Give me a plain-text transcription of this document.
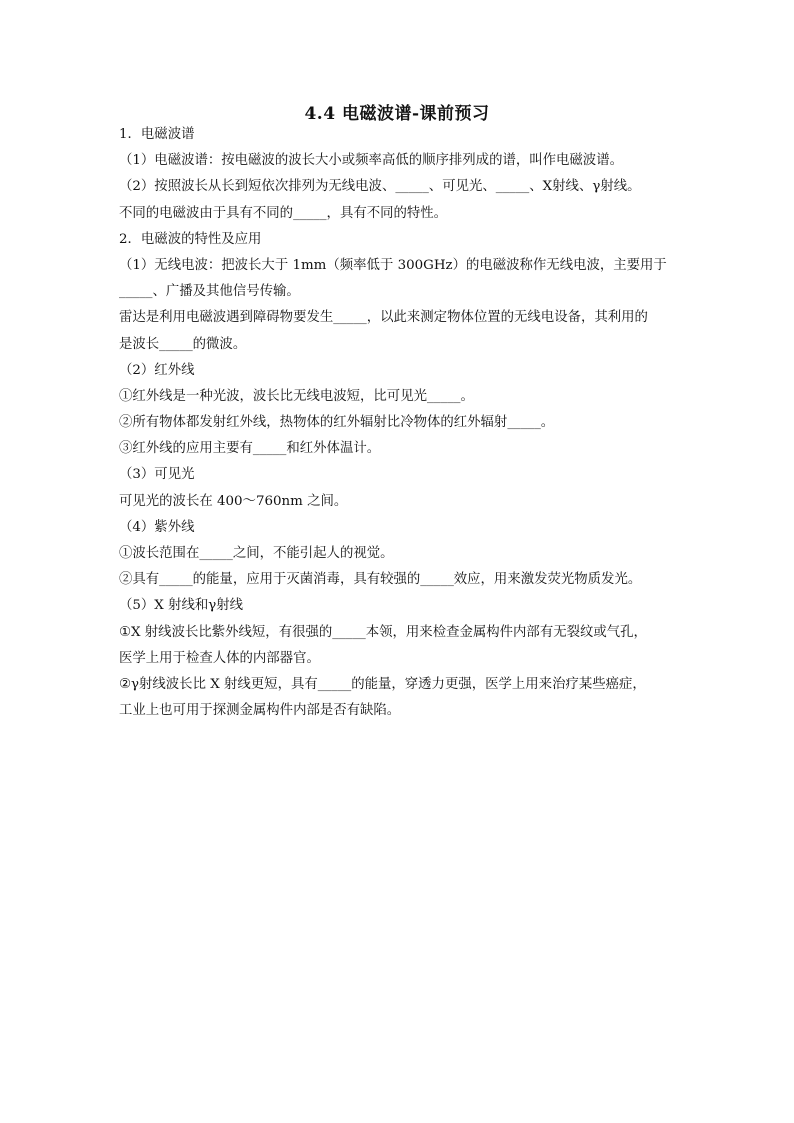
4.4 电磁波谱-课前预习
1．电磁波谱
（1）电磁波谱：按电磁波的波长大小或频率高低的顺序排列成的谱，叫作电磁波谱。
（2）按照波长从长到短依次排列为无线电波、_____、可见光、_____、X射线、γ射线。
不同的电磁波由于具有不同的_____，具有不同的特性。
2．电磁波的特性及应用
（1）无线电波：把波长大于 1mm（频率低于 300GHz）的电磁波称作无线电波，主要用于
_____、广播及其他信号传输。
雷达是利用电磁波遇到障碍物要发生_____，以此来测定物体位置的无线电设备，其利用的
是波长_____的微波。
（2）红外线
①红外线是一种光波，波长比无线电波短，比可见光_____。
②所有物体都发射红外线，热物体的红外辐射比冷物体的红外辐射_____。
③红外线的应用主要有_____和红外体温计。
（3）可见光
可见光的波长在 400～760nm 之间。
（4）紫外线
①波长范围在_____之间，不能引起人的视觉。
②具有_____的能量，应用于灭菌消毒，具有较强的_____效应，用来激发荧光物质发光。
（5）X 射线和γ射线
①X 射线波长比紫外线短，有很强的_____本领，用来检查金属构件内部有无裂纹或气孔，
医学上用于检查人体的内部器官。
②γ射线波长比 X 射线更短，具有_____的能量，穿透力更强，医学上用来治疗某些癌症，
工业上也可用于探测金属构件内部是否有缺陷。
